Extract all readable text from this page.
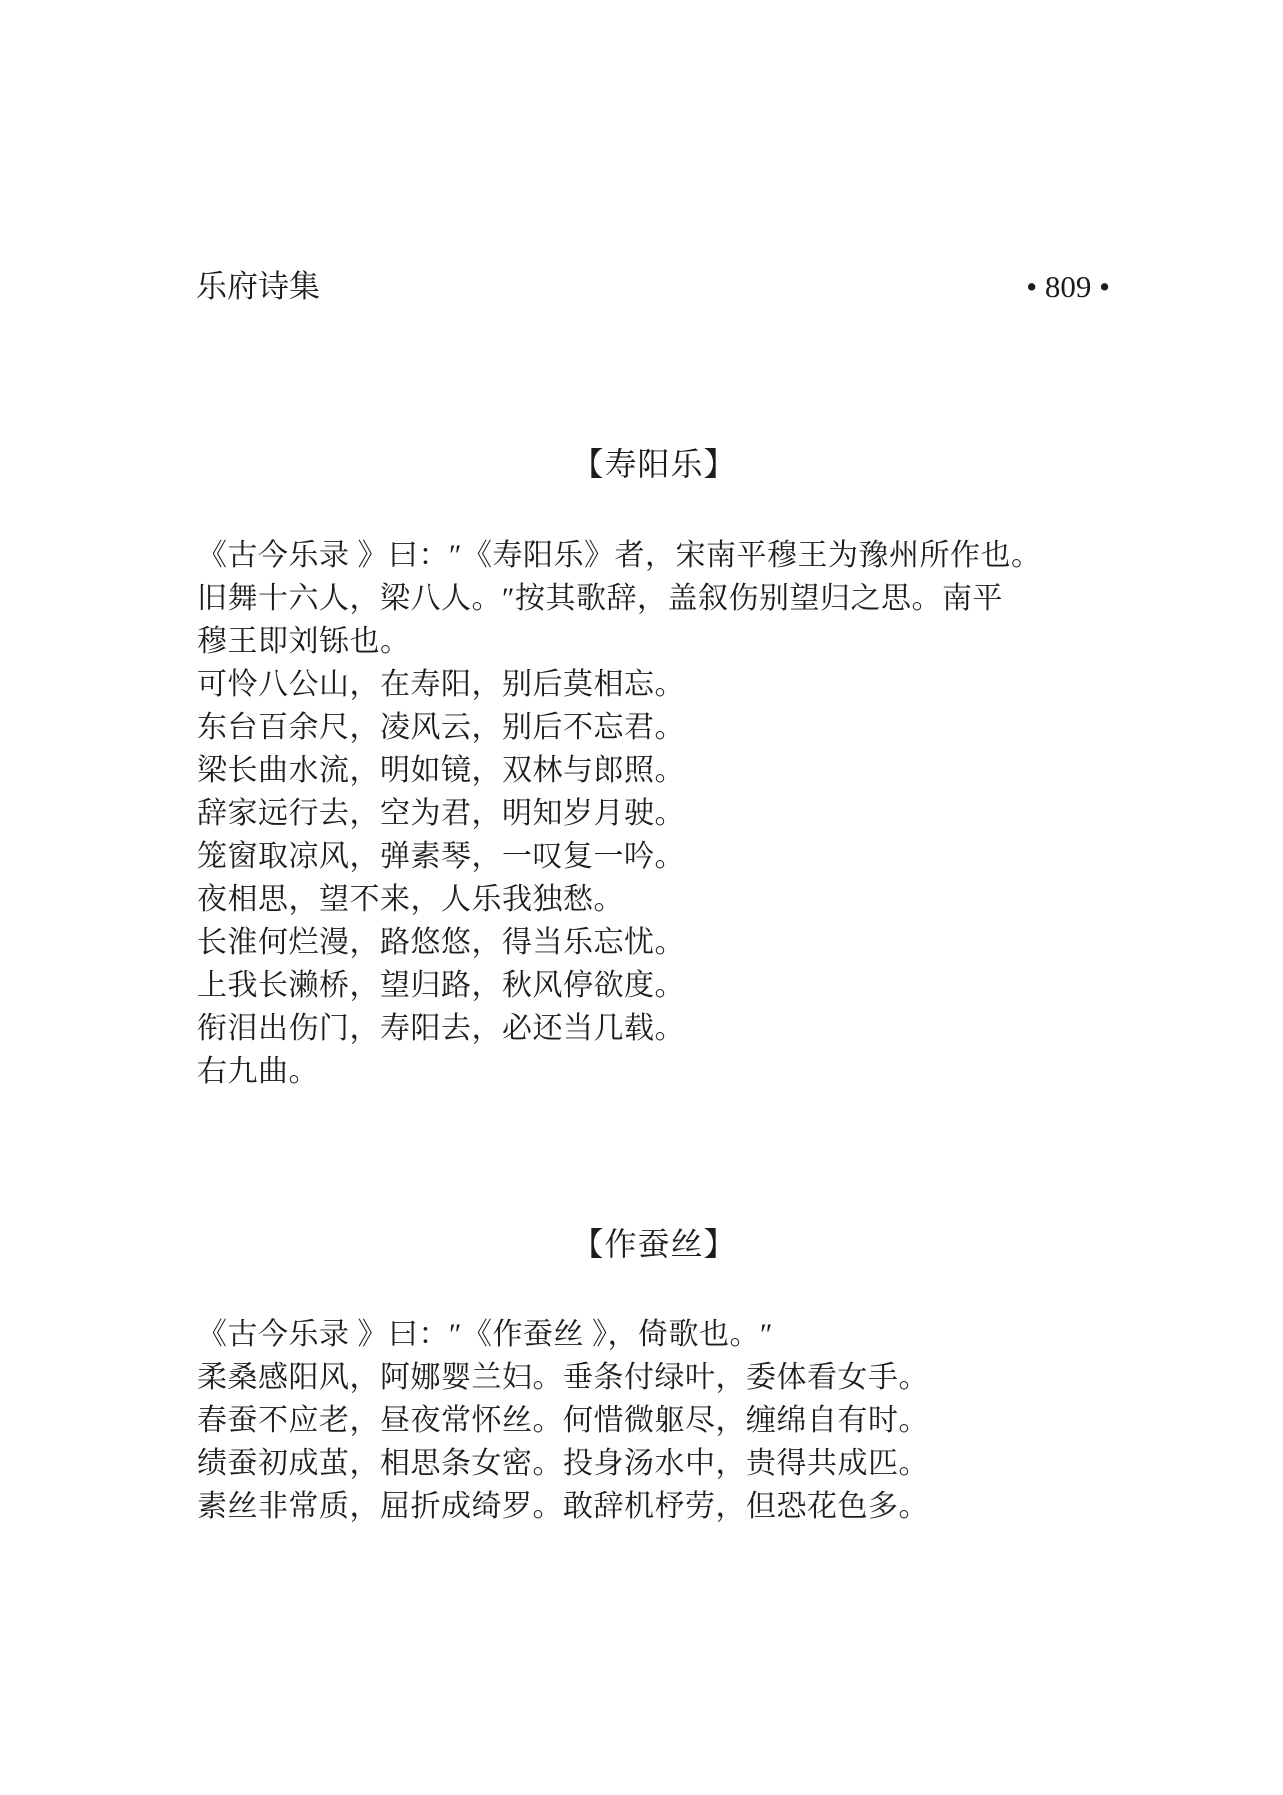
乐府诗集	• 809 •
【寿阳乐】

《古今乐录 》曰：″《寿阳乐》者，宋南平穆王为豫州所作也。

旧舞十六人，梁八人。″按其歌辞，盖叙伤别望归之思。南平

穆王即刘铄也。

可怜八公山，在寿阳，别后莫相忘。

东台百余尺，凌风云，别后不忘君。

梁长曲水流，明如镜，双林与郎照。

辞家远行去，空为君，明知岁月驶。

笼窗取凉风，弹素琴，一叹复一吟。

夜相思，望不来，人乐我独愁。

长淮何烂漫，路悠悠，得当乐忘忧。

上我长濑桥，望归路，秋风停欲度。

衔泪出伤门，寿阳去，必还当几载。

右九曲。

【作蚕丝】

《古今乐录 》曰：″《作蚕丝 》，倚歌也。″

柔桑感阳风，阿娜婴兰妇。垂条付绿叶，委体看女手。

春蚕不应老，昼夜常怀丝。何惜微躯尽，缠绵自有时。

绩蚕初成茧，相思条女密。投身汤水中，贵得共成匹。

素丝非常质，屈折成绮罗。敢辞机杼劳，但恐花色多。
